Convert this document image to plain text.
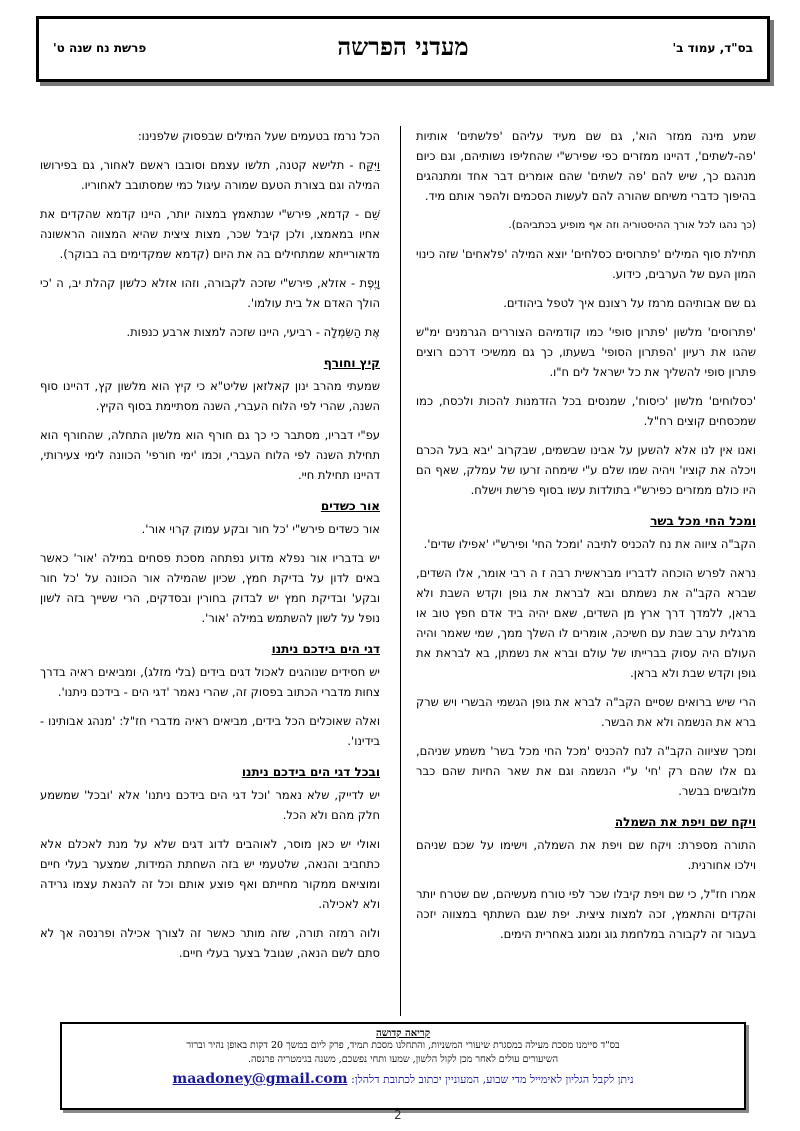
בס"ד, עמוד ב'
מעדני הפרשה
פרשת נח שנה ט'

שמע מינה ממזר הוא', גם שם מעיד עליהם 'פלשתים' אותיות 'פה-לשתים', דהיינו ממזרים כפי שפירש"י שהחליפו נשותיהם, וגם כיום מנהגם כך, שיש להם 'פה לשתים' שהם אומרים דבר אחד ומתנהגים בהיפוך כדברי משיחם שהורה להם לעשות הסכמים ולהפר אותם מיד.

(כך נהגו לכל אורך ההיסטוריה וזה אף מופיע בכתביהם).

תחילת סוף המילים 'פתרוסים כסלחים' יוצא המילה 'פלאחים' שזה כינוי המון העם של הערבים, כידוע.

גם שם אבותיהם מרמז על רצונם איך לטפל ביהודים.

'פתרוסים' מלשון 'פתרון סופי' כמו קודמיהם הצוררים הגרמנים ימ"ש שהגו את רעיון 'הפתרון הסופי' בשעתו, כך גם ממשיכי דרכם רוצים פתרון סופי להשליך את כל ישראל לים ח"ו.

'כסלוחים' מלשון 'כיסוח', שמנסים בכל הזדמנות להכות ולכסח, כמו שמכסחים קוצים רח"ל.

ואנו אין לנו אלא להשען על אבינו שבשמים, שבקרוב 'יבא בעל הכרם ויכלה את קוציו' ויהיה שמו שלם ע"י שימחה זרעו של עמלק, שאף הם היו כולם ממזרים כפירש"י בתולדות עשו בסוף פרשת וישלח.

ומכל החי מכל בשר

הקב"ה ציווה את נח להכניס לתיבה 'ומכל החי' ופירש"י 'אפילו שדים'.

נראה לפרש הוכחה לדבריו מבראשית רבה ז ה רבי אומר, אלו השדים, שברא הקב"ה את נשמתם ובא לבראת את גופן וקדש השבת ולא בראן, ללמדך דרך ארץ מן השדים, שאם יהיה ביד אדם חפץ טוב או מרגלית ערב שבת עם חשיכה, אומרים לו השלך ממך, שמי שאמר והיה העולם היה עסוק בברייתו של עולם וברא את נשמתן, בא לבראת את גופן וקדש שבת ולא בראן.

הרי שיש ברואים שסיים הקב"ה לברא את גופן הגשמי הבשרי ויש שרק ברא את הנשמה ולא את הבשר.

ומכך שציווה הקב"ה לנח להכניס 'מכל החי מכל בשר' משמע שניהם, גם אלו שהם רק 'חי' ע"י הנשמה וגם את שאר החיות שהם כבר מלובשים בבשר.

ויקח שם ויפת את השמלה

התורה מספרת: ויקח שם ויפת את השמלה, וישימו על שכם שניהם וילכו אחורנית.

אמרו חז"ל, כי שם ויפת קיבלו שכר לפי טורח מעשיהם, שם שטרח יותר והקדים והתאמץ, זכה למצות ציצית. יפת שגם השתתף במצווה יזכה בעבור זה לקבורה במלחמת גוג ומגוג באחרית הימים.

הכל נרמז בטעמים שעל המילים שבפסוק שלפנינו:

וַיִּקַּח - תלישא קטנה, תלשו עצמם וסובבו ראשם לאחור, גם בפירושו המילה וגם בצורת הטעם שמורה עיגול כמי שמסתובב לאחוריו.

שֵׁם - קדמא, פירש"י שנתאמץ במצוה יותר, היינו קדמא שהקדים את אחיו במאמצו, ולכן קיבל שכר, מצות ציצית שהיא המצווה הראשונה מדאורייתא שמתחילים בה את היום (קדמא שמקדימים בה בבוקר).

וָיֶפֶת - אזלא, פירש"י שזכה לקבורה, וזהו אזלא כלשון קהלת יב, ה 'כי הולך האדם אל בית עולמו'.

אֶת הַשִּׂמְלָה - רביעי, היינו שזכה למצות ארבע כנפות.

קיץ וחורף

שמעתי מהרב ינון קאלזאן שליט"א כי קיץ הוא מלשון קץ, דהיינו סוף השנה, שהרי לפי הלוח העברי, השנה מסתיימת בסוף הקיץ.

עפ"י דבריו, מסתבר כי כך גם חורף הוא מלשון התחלה, שהחורף הוא תחילת השנה לפי הלוח העברי, וכמו 'ימי חורפי' הכוונה לימי צעירותי, דהיינו תחילת חיי.

אור כשדים

אור כשדים פירש"י 'כל חור ובקע עמוק קרוי אור'.

יש בדבריו אור נפלא מדוע נפתחה מסכת פסחים במילה 'אור' כאשר באים לדון על בדיקת חמץ, שכיון שהמילה אור הכוונה על 'כל חור ובקע' ובדיקת חמץ יש לבדוק בחורין ובסדקים, הרי ששייך בזה לשון נופל על לשון להשתמש במילה 'אור'.

דגי הים בידכם ניתנו

יש חסידים שנוהגים לאכול דגים בידים (בלי מזלג), ומביאים ראיה בדרך צחות מדברי הכתוב בפסוק זה, שהרי נאמר 'דגי הים - בידכם ניתנו'.

ואלה שאוכלים הכל בידים, מביאים ראיה מדברי חז"ל: 'מנהג אבותינו - בידינו'.

ובכל דגי הים בידכם ניתנו

יש לדייק, שלא נאמר 'וכל דגי הים בידכם ניתנו' אלא 'ובכל' שמשמע חלק מהם ולא הכל.

ואולי יש כאן מוסר, לאוהבים לדוג דגים שלא על מנת לאכלם אלא כתחביב והנאה, שלטעמי יש בזה השחתת המידות, שמצער בעלי חיים ומוציאם ממקור מחייתם ואף פוצע אותם וכל זה להנאת עצמו גרידה ולא לאכילה.

ולוה רמזה תורה, שזה מותר כאשר זה לצורך אכילה ופרנסה אך לא סתם לשם הנאה, שגובל בצער בעלי חיים.

קריאה קדושה
בס"ד סיימנו מסכת מעילה במסגרת שיעורי המשניות, והתחלנו מסכת תמיד, פרק ליום במשך 20 דקות באופן נהיר וברור
השיעורים עולים לאחר מכן לקול הלשון, שמעו ותחי נפשכם, משנה בגימטריה פרנסה.
ניתן לקבל הגליון לאימייל מדי שבוע, המעוניין יכתוב לכתובת דלהלן: maadoney@gmail.com
2
